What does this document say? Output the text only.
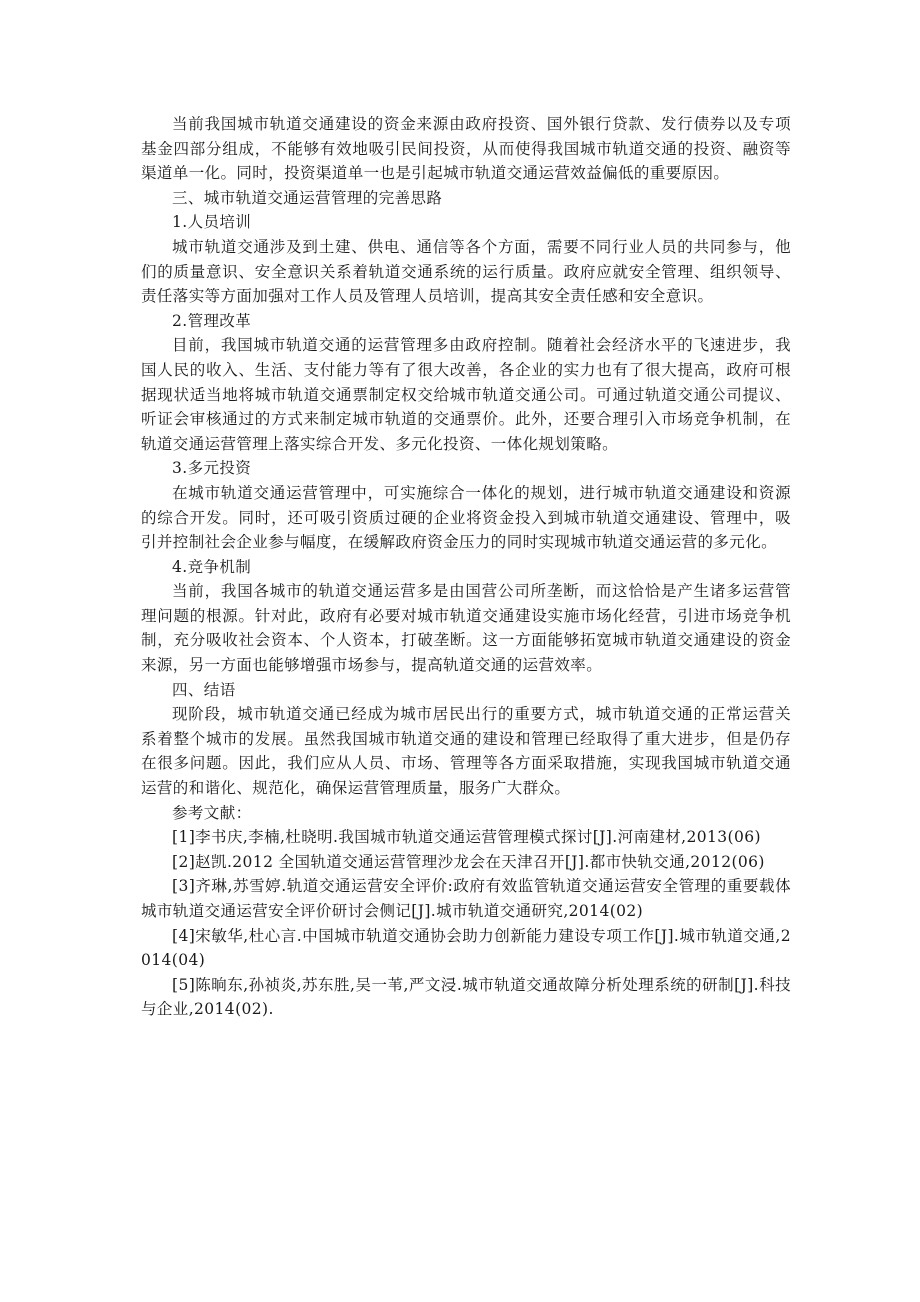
当前我国城市轨道交通建设的资金来源由政府投资、国外银行贷款、发行债券以及专项基金四部分组成，不能够有效地吸引民间投资，从而使得我国城市轨道交通的投资、融资等渠道单一化。同时，投资渠道单一也是引起城市轨道交通运营效益偏低的重要原因。

三、城市轨道交通运营管理的完善思路

1.人员培训

城市轨道交通涉及到土建、供电、通信等各个方面，需要不同行业人员的共同参与，他们的质量意识、安全意识关系着轨道交通系统的运行质量。政府应就安全管理、组织领导、责任落实等方面加强对工作人员及管理人员培训，提高其安全责任感和安全意识。

2.管理改革

目前，我国城市轨道交通的运营管理多由政府控制。随着社会经济水平的飞速进步，我国人民的收入、生活、支付能力等有了很大改善，各企业的实力也有了很大提高，政府可根据现状适当地将城市轨道交通票制定权交给城市轨道交通公司。可通过轨道交通公司提议、听证会审核通过的方式来制定城市轨道的交通票价。此外，还要合理引入市场竞争机制，在轨道交通运营管理上落实综合开发、多元化投资、一体化规划策略。

3.多元投资

在城市轨道交通运营管理中，可实施综合一体化的规划，进行城市轨道交通建设和资源的综合开发。同时，还可吸引资质过硬的企业将资金投入到城市轨道交通建设、管理中，吸引并控制社会企业参与幅度，在缓解政府资金压力的同时实现城市轨道交通运营的多元化。

4.竞争机制

当前，我国各城市的轨道交通运营多是由国营公司所垄断，而这恰恰是产生诸多运营管理问题的根源。针对此，政府有必要对城市轨道交通建设实施市场化经营，引进市场竞争机制，充分吸收社会资本、个人资本，打破垄断。这一方面能够拓宽城市轨道交通建设的资金来源，另一方面也能够增强市场参与，提高轨道交通的运营效率。

四、结语

现阶段，城市轨道交通已经成为城市居民出行的重要方式，城市轨道交通的正常运营关系着整个城市的发展。虽然我国城市轨道交通的建设和管理已经取得了重大进步，但是仍存在很多问题。因此，我们应从人员、市场、管理等各方面采取措施，实现我国城市轨道交通运营的和谐化、规范化，确保运营管理质量，服务广大群众。

参考文献：

[1]李书庆,李楠,杜晓明.我国城市轨道交通运营管理模式探讨[J].河南建材,2013(06)

[2]赵凯.2012 全国轨道交通运营管理沙龙会在天津召开[J].都市快轨交通,2012(06)

[3]齐琳,苏雪婷.轨道交通运营安全评价:政府有效监管轨道交通运营安全管理的重要载体城市轨道交通运营安全评价研讨会侧记[J].城市轨道交通研究,2014(02)

[4]宋敏华,杜心言.中国城市轨道交通协会助力创新能力建设专项工作[J].城市轨道交通,2014(04)

[5]陈晌东,孙祯炎,苏东胜,吴一苇,严文浸.城市轨道交通故障分析处理系统的研制[J].科技与企业,2014(02).
